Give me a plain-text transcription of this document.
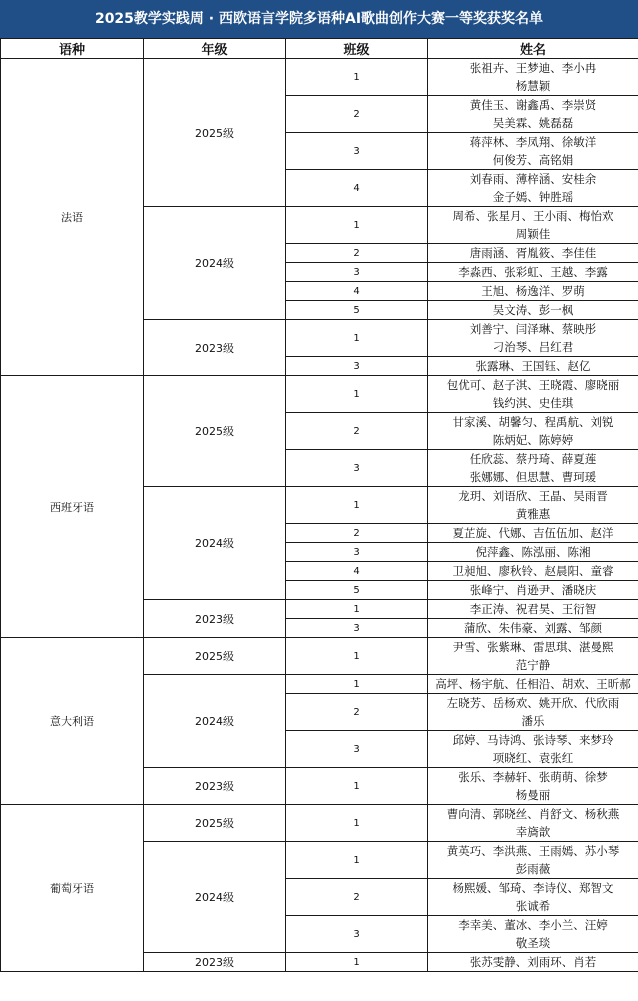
2025教学实践周 · 西欧语言学院多语种AI歌曲创作大赛一等奖获奖名单
语种	年级	班级	姓名
法语	2025级	1	张祖卉、王梦迪、李小冉
杨慧颖

		2	黄佳玉、谢鑫禹、李崇贤
吴美霖、姚磊磊

		3	蒋萍林、李凤翔、徐敏洋
何俊芳、高铭娟

		4	刘春雨、薄梓涵、安桂余
金子嫣、钟胜瑶

	2024级	1	周希、张星月、王小雨、梅怡欢
周颖佳

		2	唐雨涵、胥胤筱、李佳佳

		3	李淼西、张彩虹、王越、李露

		4	王旭、杨逸洋、罗萌

		5	吴文涛、彭一枫

	2023级	1	刘善宁、闫泽琳、蔡映彤
刁治琴、吕红君

		3	张露琳、王国钰、赵亿

西班牙语	2025级	1	包优可、赵子淇、王晓霞、廖晓丽
钱约淇、史佳琪

		2	甘家溪、胡馨匀、程禹航、刘锐
陈炳妃、陈婷婷

		3	任欣蕊、蔡丹琦、薛夏莲
张娜娜、但思慧、曹珂瑗

	2024级	1	龙玥、刘语欣、王晶、吴雨晋
黄雅惠

		2	夏芷旋、代娜、吉伍伍加、赵洋

		3	倪萍鑫、陈泓丽、陈湘

		4	卫昶旭、廖秋铃、赵晨阳、童睿

		5	张峰宁、肖逊尹、潘晓庆

	2023级	1	李正涛、祝君昊、王衍智

		3	蒲欣、朱伟豪、刘露、邹颜

意大利语	2025级	1	尹雪、张紫琳、雷思琪、湛曼熙
范宁静

	2024级	1	高坪、杨宇航、任相沿、胡欢、王昕郝

		2	左晓芳、岳杨欢、姚开欣、代欣雨
潘乐

		3	邱婷、马诗鸿、张诗琴、来梦玲
项晓红、袁张红

	2023级	1	张乐、李赫轩、张萌萌、徐梦
杨曼丽

葡萄牙语	2025级	1	曹向清、郭晓丝、肖舒文、杨秋燕
幸旖歆

	2024级	1	黄英巧、李洪燕、王雨嫣、苏小琴
彭雨薇

		2	杨熙媛、邹琦、李诗仪、郑智文
张诚希

		3	李幸美、董冰、李小兰、汪婷
敬圣琰

	2023级	1	张苏雯静、刘雨环、肖若
